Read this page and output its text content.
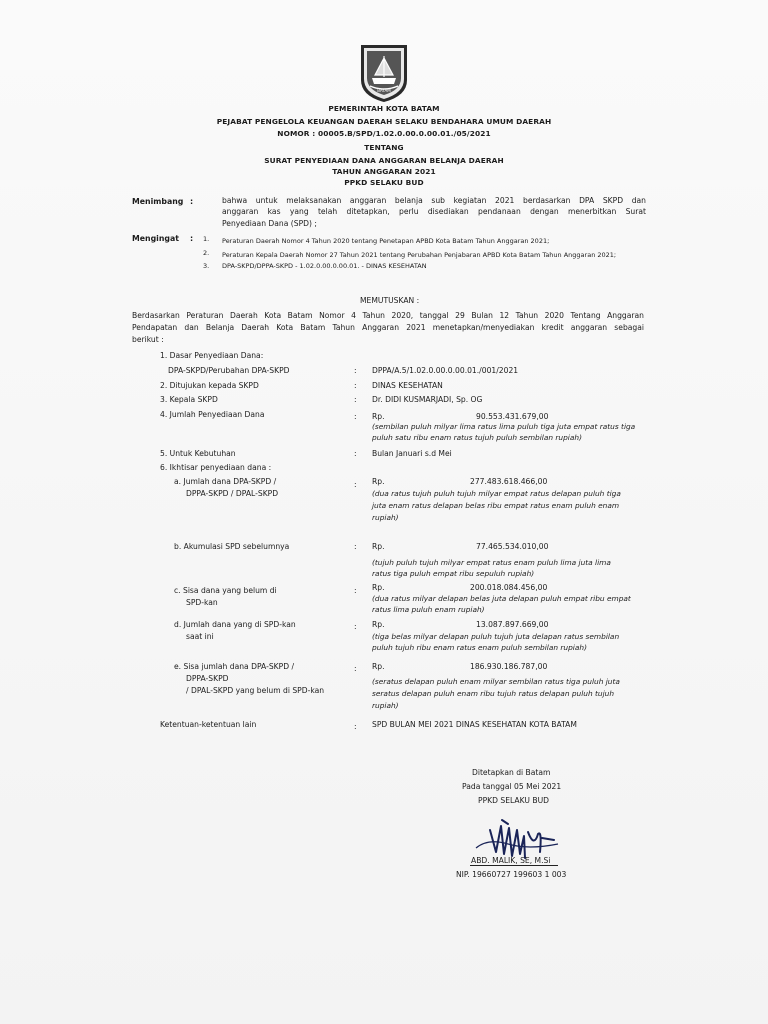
BATAM
PEMERINTAH KOTA BATAM
PEJABAT PENGELOLA KEUANGAN DAERAH SELAKU BENDAHARA UMUM DAERAH
NOMOR : 00005.B/SPD/1.02.0.00.0.00.01./05/2021
TENTANG
SURAT PENYEDIAAN DANA ANGGARAN BELANJA DAERAH
TAHUN ANGGARAN 2021
PPKD SELAKU BUD
Menimbang :	bahwa untuk melaksanakan anggaran belanja sub kegiatan 2021 berdasarkan DPA SKPD dan
anggaran kas yang telah ditetapkan, perlu disediakan pendanaan dengan menerbitkan Surat
Penyediaan Dana (SPD) ;
Mengingat : 1. Peraturan Daerah Nomor 4 Tahun 2020 tentang Penetapan APBD Kota Batam Tahun Anggaran 2021;
2. Peraturan Kepala Daerah Nomor 27 Tahun 2021 tentang Perubahan Penjabaran APBD Kota Batam Tahun Anggaran 2021;
3. DPA-SKPD/DPPA-SKPD - 1.02.0.00.0.00.01. - DINAS KESEHATAN
MEMUTUSKAN :
Berdasarkan Peraturan Daerah Kota Batam Nomor 4 Tahun 2020, tanggal 29 Bulan 12 Tahun 2020 Tentang Anggaran
Pendapatan dan Belanja Daerah Kota Batam Tahun Anggaran 2021 menetapkan/menyediakan kredit anggaran sebagai
berikut :
1. Dasar Penyediaan Dana:
DPA-SKPD/Perubahan DPA-SKPD	: DPPA/A.5/1.02.0.00.0.00.01./001/2021
2. Ditujukan kepada SKPD	: DINAS KESEHATAN
3. Kepala SKPD	: Dr. DIDI KUSMARJADI, Sp. OG
4. Jumlah Penyediaan Dana	: Rp.	90.553.431.679,00
(sembilan puluh milyar lima ratus lima puluh tiga juta empat ratus tiga
puluh satu ribu enam ratus tujuh puluh sembilan rupiah)
5. Untuk Kebutuhan	: Bulan Januari s.d Mei
6. Ikhtisar penyediaan dana :
a. Jumlah dana DPA-SKPD /
DPPA-SKPD / DPAL-SKPD
: Rp.	277.483.618.466,00
(dua ratus tujuh puluh tujuh milyar empat ratus delapan puluh tiga
juta enam ratus delapan belas ribu empat ratus enam puluh enam
rupiah)
b. Akumulasi SPD sebelumnya	: Rp.	77.465.534.010,00
(tujuh puluh tujuh milyar empat ratus enam puluh lima juta lima
ratus tiga puluh empat ribu sepuluh rupiah)
c. Sisa dana yang belum di
SPD-kan
: Rp.	200.018.084.456,00
(dua ratus milyar delapan belas juta delapan puluh empat ribu empat
ratus lima puluh enam rupiah)
d. Jumlah dana yang di SPD-kan
saat ini
: Rp.	13.087.897.669,00
(tiga belas milyar delapan puluh tujuh juta delapan ratus sembilan
puluh tujuh ribu enam ratus enam puluh sembilan rupiah)
e. Sisa jumlah dana DPA-SKPD /
DPPA-SKPD
/ DPAL-SKPD yang belum di SPD-kan
: Rp.	186.930.186.787,00
(seratus delapan puluh enam milyar sembilan ratus tiga puluh juta
seratus delapan puluh enam ribu tujuh ratus delapan puluh tujuh
rupiah)
Ketentuan-ketentuan lain	: SPD BULAN MEI 2021 DINAS KESEHATAN KOTA BATAM
Ditetapkan di Batam
Pada tanggal 05 Mei 2021
PPKD SELAKU BUD
ABD. MALIK, SE, M.Si
NIP. 19660727 199603 1 003
